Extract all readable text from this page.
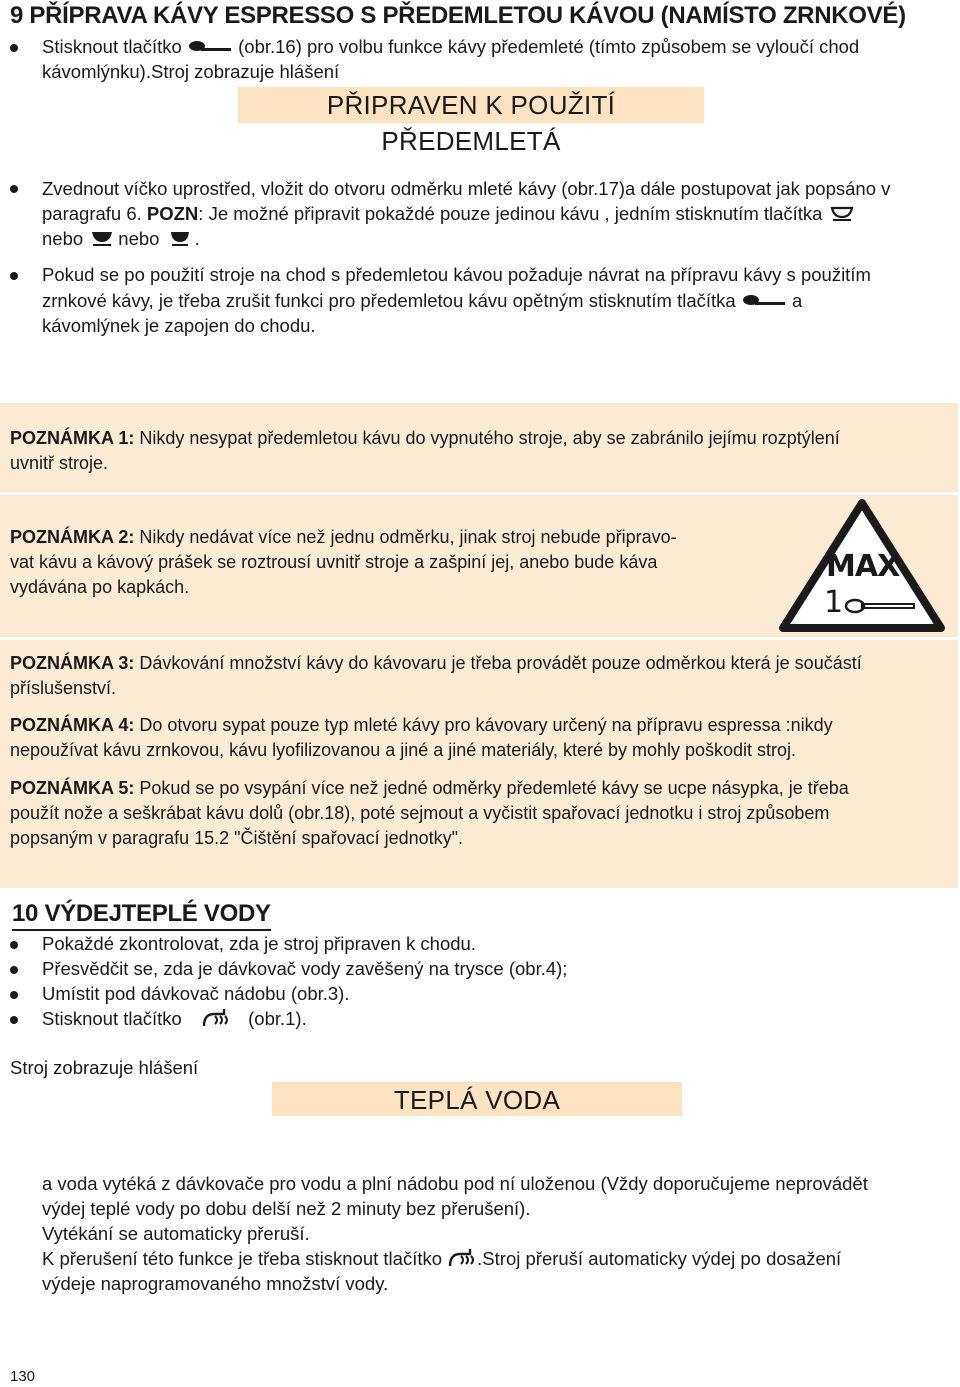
9 PŘÍPRAVA KÁVY ESPRESSO S PŘEDEMLETOU KÁVOU (NAMÍSTO ZRNKOVÉ)
Stisknout tlačítko	(obr.16) pro volbu funkce kávy předemleté (tímto způsobem se vyloučí chod
kávomlýnku).Stroj zobrazuje hlášení
PŘIPRAVEN K POUŽITÍ PŘEDEMLETÁ
Zvednout víčko uprostřed, vložit do otvoru odměrku mleté kávy (obr.17)a dále postupovat jak popsáno v
paragrafu 6. POZN: Je možné připravit pokaždé pouze jedinou kávu , jedním stisknutím tlačítka
nebo nebo .
Pokud se po použití stroje na chod s předemletou kávou požaduje návrat na přípravu kávy s použitím
zrnkové kávy, je třeba zrušit funkci pro předemletou kávu opětným stisknutím tlačítka	a
kávomlýnek je zapojen do chodu.
POZNÁMKA 1: Nikdy nesypat předemletou kávu do vypnutého stroje, aby se zabránilo jejímu rozptýlení
uvnitř stroje.
POZNÁMKA 2: Nikdy nedávat více než jednu odměrku, jinak stroj nebude připravo-
vat kávu a kávový prášek se roztrousí uvnitř stroje a zašpiní jej, anebo bude káva
vydávána po kapkách.
MAX
1
POZNÁMKA 3: Dávkování množství kávy do kávovaru je třeba provádět pouze odměrkou která je součástí
příslušenství.
POZNÁMKA 4: Do otvoru sypat pouze typ mleté kávy pro kávovary určený na přípravu espressa :nikdy
nepoužívat kávu zrnkovou, kávu lyofilizovanou a jiné a jiné materiály, které by mohly poškodit stroj.
POZNÁMKA 5: Pokud se po vsypání více než jedné odměrky předemleté kávy se ucpe násypka, je třeba
použít nože a seškrábat kávu dolů (obr.18), poté sejmout a vyčistit spařovací jednotku i stroj způsobem
popsaným v paragrafu 15.2 "Čištění spařovací jednotky".
10 VÝDEJTEPLÉ VODY
Pokaždé zkontrolovat, zda je stroj připraven k chodu.
Přesvědčit se, zda je dávkovač vody zavěšený na trysce (obr.4);
Umístit pod dávkovač nádobu (obr.3).
Stisknout tlačítko	(obr.1).
Stroj zobrazuje hlášení
TEPLÁ VODA
a voda vytéká z dávkovače pro vodu a plní nádobu pod ní uloženou (Vždy doporučujeme neprovádět
výdej teplé vody po dobu delší než 2 minuty bez přerušení).
Vytékání se automaticky přeruší.
K přerušení této funkce je třeba stisknout tlačítko .Stroj přeruší automaticky výdej po dosažení
výdeje naprogramovaného množství vody.
130
